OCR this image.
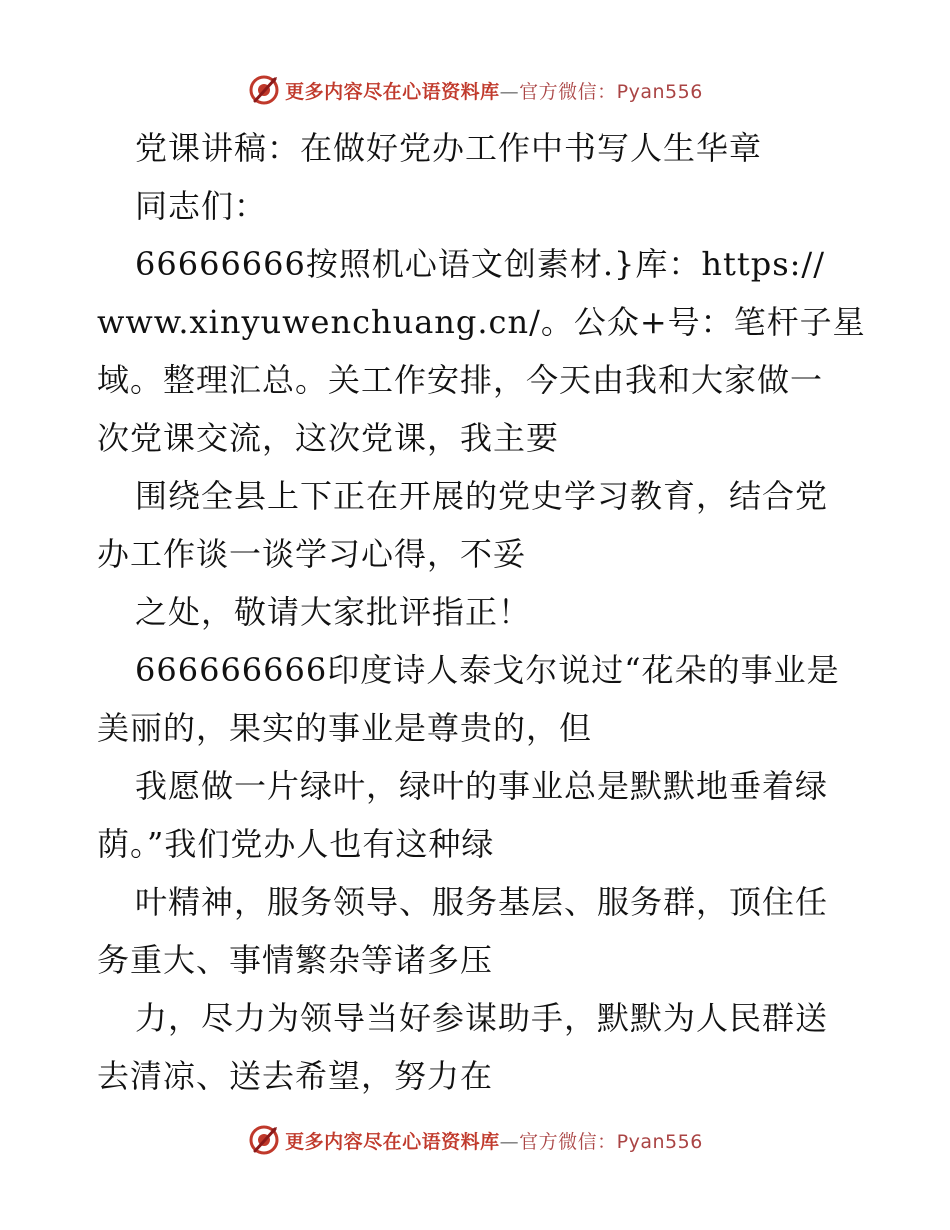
更多内容尽在心语资料库—官方微信：Pyan556
党课讲稿：在做好党办工作中书写人生华章
同志们：
66666666按照机心语文创素材.}库：https://
www.xinyuwenchuang.cn/。公众+号：笔杆子星
域。整理汇总。关工作安排，今天由我和大家做一
次党课交流，这次党课，我主要
围绕全县上下正在开展的党史学习教育，结合党
办工作谈一谈学习心得，不妥
之处，敬请大家批评指正！
666666666印度诗人泰戈尔说过“花朵的事业是
美丽的，果实的事业是尊贵的，但
我愿做一片绿叶，绿叶的事业总是默默地垂着绿
荫。”我们党办人也有这种绿
叶精神，服务领导、服务基层、服务群，顶住任
务重大、事情繁杂等诸多压
力，尽力为领导当好参谋助手，默默为人民群送
去清凉、送去希望，努力在
更多内容尽在心语资料库—官方微信：Pyan556
